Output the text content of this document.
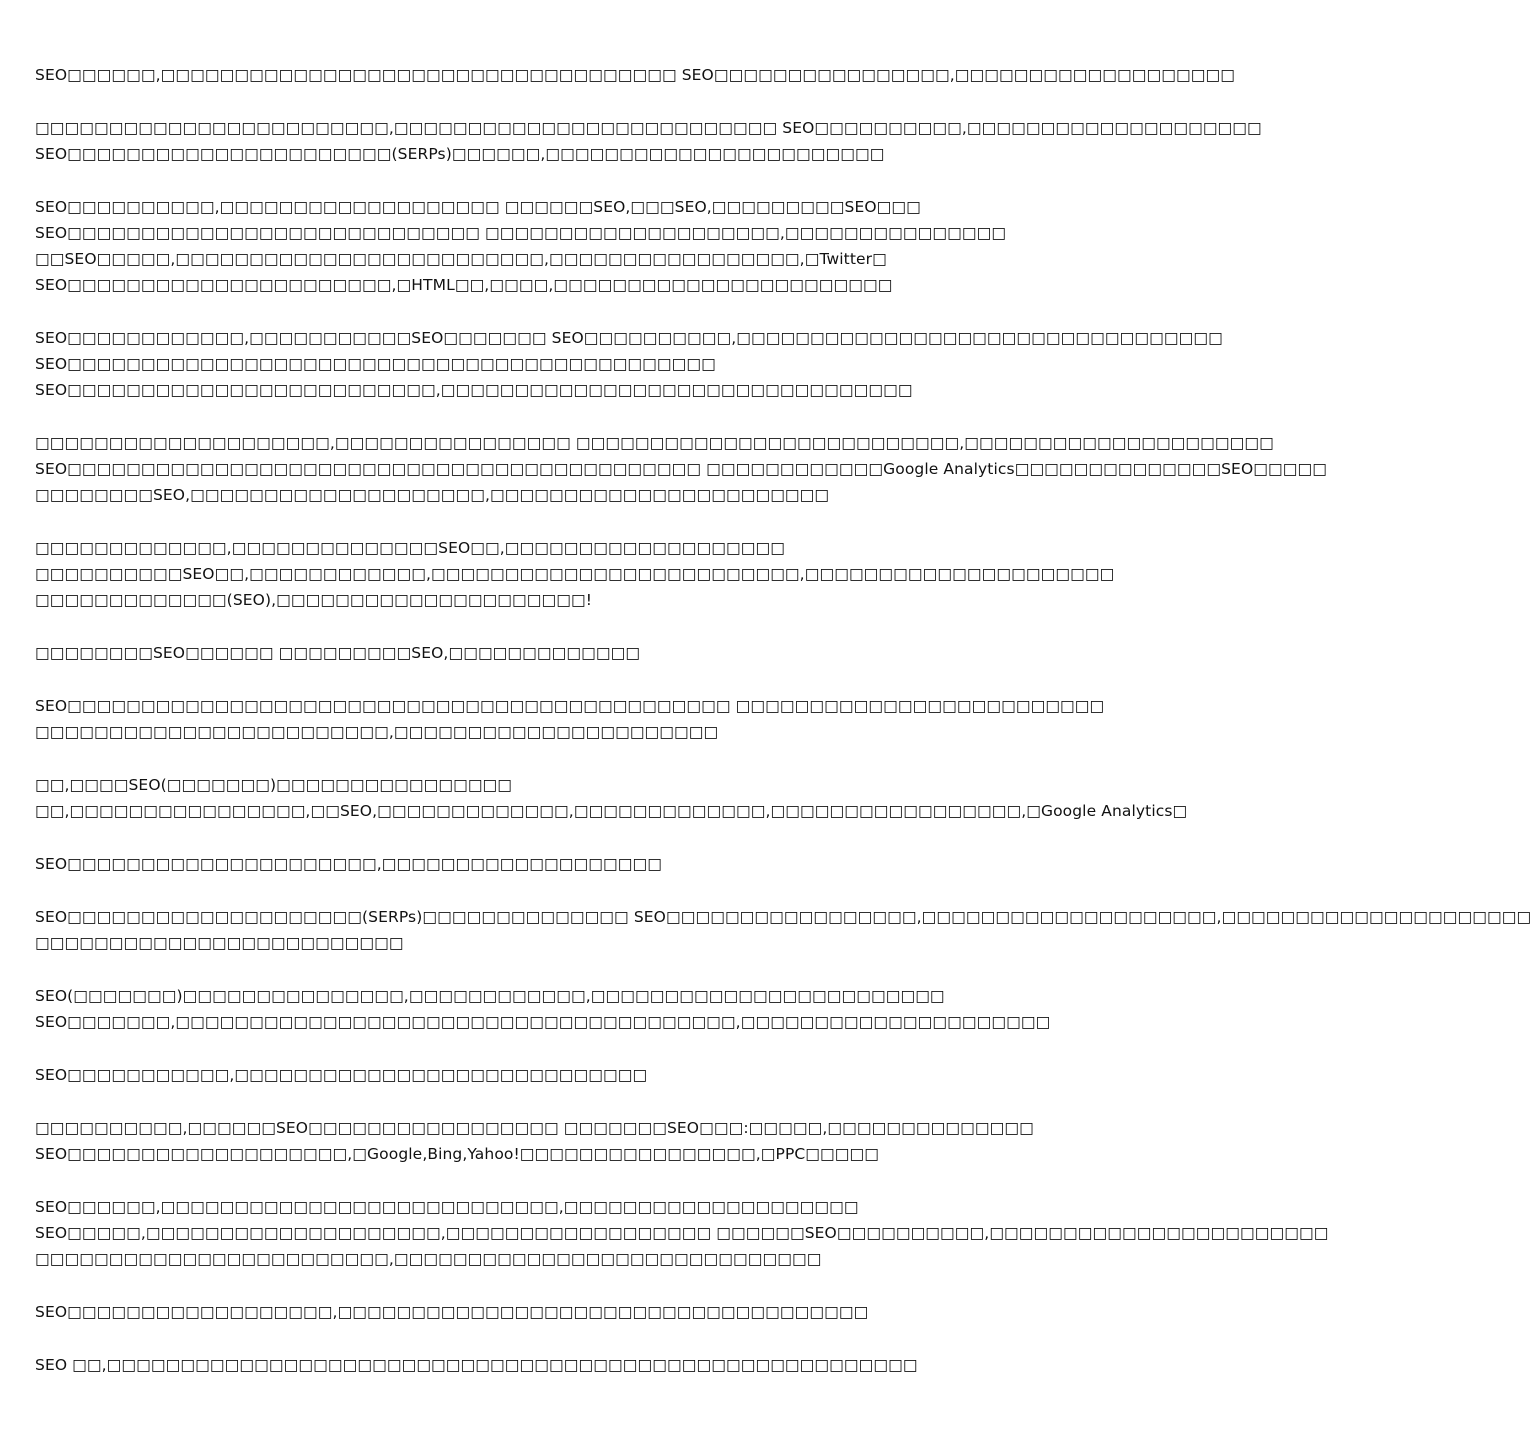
SEO□□□□□□,□□□□□□□□□□□□□□□□□□□□□□□□□□□□□□□□□□□ SEO□□□□□□□□□□□□□□□□,□□□□□□□□□□□□□□□□□□□
□□□□□□□□□□□□□□□□□□□□□□□□,□□□□□□□□□□□□□□□□□□□□□□□□□□ SEO□□□□□□□□□□,□□□□□□□□□□□□□□□□□□□□
SEO□□□□□□□□□□□□□□□□□□□□□□(SERPs)□□□□□□,□□□□□□□□□□□□□□□□□□□□□□□
SEO□□□□□□□□□□,□□□□□□□□□□□□□□□□□□□ □□□□□□SEO,□□□SEO,□□□□□□□□□SEO□□□
SEO□□□□□□□□□□□□□□□□□□□□□□□□□□□□ □□□□□□□□□□□□□□□□□□□□,□□□□□□□□□□□□□□□
□□SEO□□□□□,□□□□□□□□□□□□□□□□□□□□□□□□□,□□□□□□□□□□□□□□□□□,□Twitter□
SEO□□□□□□□□□□□□□□□□□□□□□□,□HTML□□,□□□□,□□□□□□□□□□□□□□□□□□□□□□□
SEO□□□□□□□□□□□□,□□□□□□□□□□□SEO□□□□□□□ SEO□□□□□□□□□□,□□□□□□□□□□□□□□□□□□□□□□□□□□□□□□□□□
SEO□□□□□□□□□□□□□□□□□□□□□□□□□□□□□□□□□□□□□□□□□□□□
SEO□□□□□□□□□□□□□□□□□□□□□□□□□,□□□□□□□□□□□□□□□□□□□□□□□□□□□□□□□□
□□□□□□□□□□□□□□□□□□□□,□□□□□□□□□□□□□□□□ □□□□□□□□□□□□□□□□□□□□□□□□□□,□□□□□□□□□□□□□□□□□□□□□
SEO□□□□□□□□□□□□□□□□□□□□□□□□□□□□□□□□□□□□□□□□□□□ □□□□□□□□□□□□Google Analytics□□□□□□□□□□□□□□SEO□□□□□
□□□□□□□□SEO,□□□□□□□□□□□□□□□□□□□□,□□□□□□□□□□□□□□□□□□□□□□□
□□□□□□□□□□□□□,□□□□□□□□□□□□□□SEO□□,□□□□□□□□□□□□□□□□□□□
□□□□□□□□□□SEO□□,□□□□□□□□□□□□,□□□□□□□□□□□□□□□□□□□□□□□□□,□□□□□□□□□□□□□□□□□□□□□
□□□□□□□□□□□□□(SEO),□□□□□□□□□□□□□□□□□□□□□!
□□□□□□□□SEO□□□□□□ □□□□□□□□□SEO,□□□□□□□□□□□□□
SEO□□□□□□□□□□□□□□□□□□□□□□□□□□□□□□□□□□□□□□□□□□□□□ □□□□□□□□□□□□□□□□□□□□□□□□□
□□□□□□□□□□□□□□□□□□□□□□□□,□□□□□□□□□□□□□□□□□□□□□□
□□,□□□□SEO(□□□□□□□)□□□□□□□□□□□□□□□□
□□,□□□□□□□□□□□□□□□□,□□SEO,□□□□□□□□□□□□□,□□□□□□□□□□□□□,□□□□□□□□□□□□□□□□□,□Google Analytics□
SEO□□□□□□□□□□□□□□□□□□□□□,□□□□□□□□□□□□□□□□□□□
SEO□□□□□□□□□□□□□□□□□□□□(SERPs)□□□□□□□□□□□□□□ SEO□□□□□□□□□□□□□□□□□,□□□□□□□□□□□□□□□□□□□□,□□□□□□□□□□□□□□□□□□□□□
□□□□□□□□□□□□□□□□□□□□□□□□□
SEO(□□□□□□□)□□□□□□□□□□□□□□□,□□□□□□□□□□□□,□□□□□□□□□□□□□□□□□□□□□□□□
SEO□□□□□□□,□□□□□□□□□□□□□□□□□□□□□□□□□□□□□□□□□□□□□□,□□□□□□□□□□□□□□□□□□□□□
SEO□□□□□□□□□□□,□□□□□□□□□□□□□□□□□□□□□□□□□□□□
□□□□□□□□□□,□□□□□□SEO□□□□□□□□□□□□□□□□□ □□□□□□□SEO□□□:□□□□□,□□□□□□□□□□□□□□
SEO□□□□□□□□□□□□□□□□□□□,□Google,Bing,Yahoo!□□□□□□□□□□□□□□□□,□PPC□□□□□
SEO□□□□□□,□□□□□□□□□□□□□□□□□□□□□□□□□□□,□□□□□□□□□□□□□□□□□□□□
SEO□□□□□,□□□□□□□□□□□□□□□□□□□□,□□□□□□□□□□□□□□□□□□ □□□□□□SEO□□□□□□□□□□,□□□□□□□□□□□□□□□□□□□□□□□
□□□□□□□□□□□□□□□□□□□□□□□□,□□□□□□□□□□□□□□□□□□□□□□□□□□□□□
SEO□□□□□□□□□□□□□□□□□□,□□□□□□□□□□□□□□□□□□□□□□□□□□□□□□□□□□□□
SEO □□,□□□□□□□□□□□□□□□□□□□□□□□□□□□□□□□□□□□□□□□□□□□□□□□□□□□□□□□
